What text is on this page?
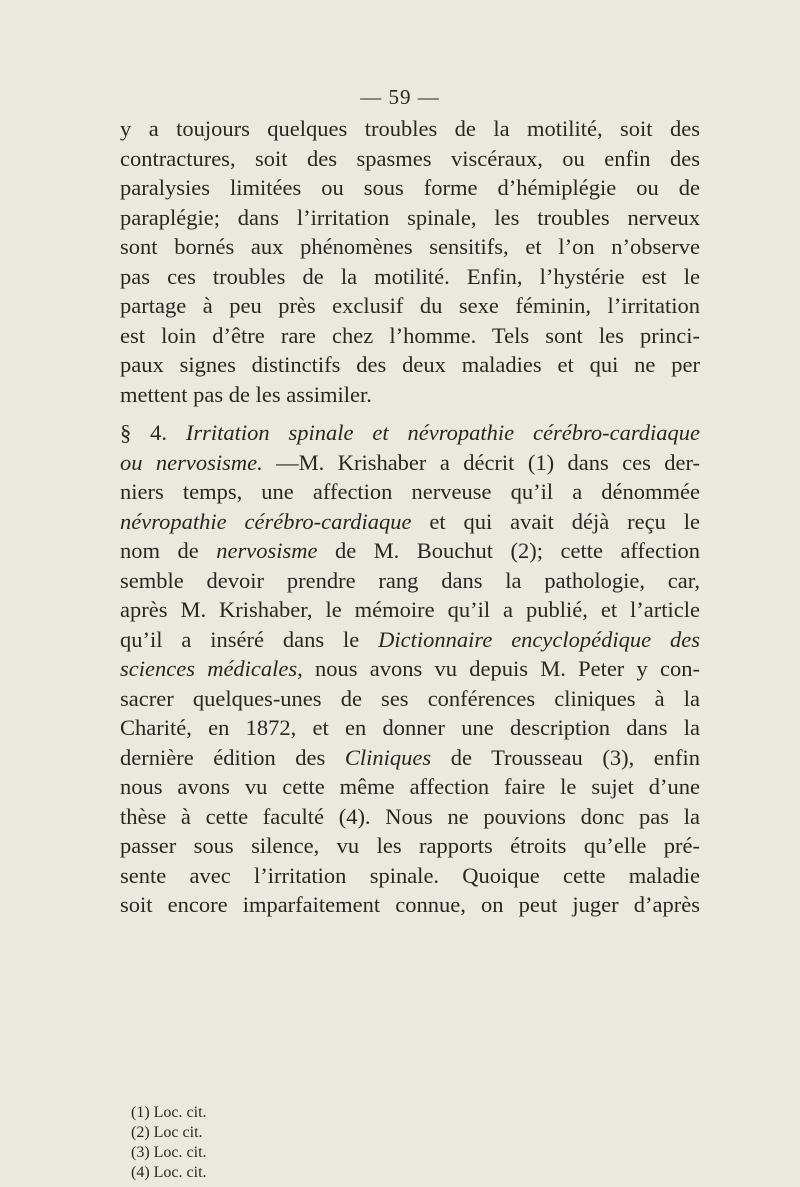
— 59 —
y a toujours quelques troubles de la motilité, soit des
contractures, soit des spasmes viscéraux, ou enfin des
paralysies limitées ou sous forme d’hémiplégie ou de
paraplégie; dans l’irritation spinale, les troubles nerveux
sont bornés aux phénomènes sensitifs, et l’on n’observe
pas ces troubles de la motilité. Enfin, l’hystérie est le
partage à peu près exclusif du sexe féminin, l’irritation
est loin d’être rare chez l’homme. Tels sont les princi-
paux signes distinctifs des deux maladies et qui ne per
mettent pas de les assimiler.
§ 4. Irritation spinale et névropathie cérébro-cardiaque
ou nervosisme. —M. Krishaber a décrit (1) dans ces der-
niers temps, une affection nerveuse qu’il a dénommée
névropathie cérébro-cardiaque et qui avait déjà reçu le
nom de nervosisme de M. Bouchut (2); cette affection
semble devoir prendre rang dans la pathologie, car,
après M. Krishaber, le mémoire qu’il a publié, et l’article
qu’il a inséré dans le Dictionnaire encyclopédique des
sciences médicales, nous avons vu depuis M. Peter y con-
sacrer quelques-unes de ses conférences cliniques à la
Charité, en 1872, et en donner une description dans la
dernière édition des Cliniques de Trousseau (3), enfin
nous avons vu cette même affection faire le sujet d’une
thèse à cette faculté (4). Nous ne pouvions donc pas la
passer sous silence, vu les rapports étroits qu’elle pré-
sente avec l’irritation spinale. Quoique cette maladie
soit encore imparfaitement connue, on peut juger d’après
(1) Loc. cit.
(2) Loc cit.
(3) Loc. cit.
(4) Loc. cit.
